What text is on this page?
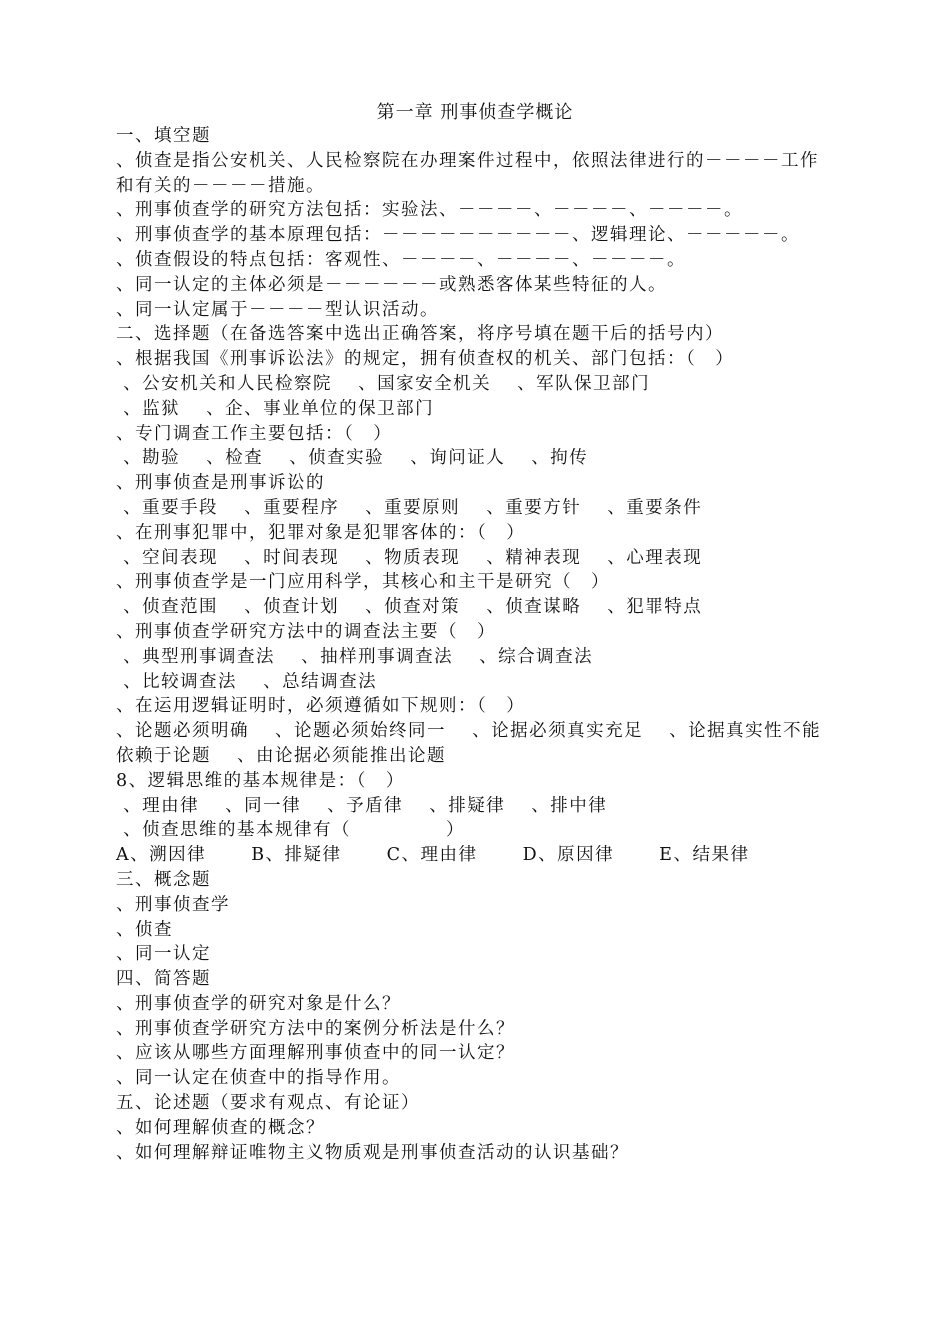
第一章 刑事侦查学概论
一、填空题
、侦查是指公安机关、人民检察院在办理案件过程中，依照法律进行的－－－－工作和有关的－－－－措施。
、刑事侦查学的研究方法包括：实验法、－－－－、－－－－、－－－－。
、刑事侦查学的基本原理包括：－－－－－－－－－－、逻辑理论、－－－－－。
、侦查假设的特点包括：客观性、－－－－、－－－－、－－－－。
、同一认定的主体必须是－－－－－－或熟悉客体某些特征的人。
、同一认定属于－－－－型认识活动。
二、选择题（在备选答案中选出正确答案，将序号填在题干后的括号内）
、根据我国《刑事诉讼法》的规定，拥有侦查权的机关、部门包括：（　）
、公安机关和人民检察院　 、国家安全机关　 、军队保卫部门
、监狱　 、企、事业单位的保卫部门
、专门调查工作主要包括：（　）
、勘验　 、检查　 、侦查实验　 、询问证人　 、拘传
、刑事侦查是刑事诉讼的
、重要手段　 、重要程序　 、重要原则　 、重要方针　 、重要条件
、在刑事犯罪中，犯罪对象是犯罪客体的：（　）
、空间表现　 、时间表现　 、物质表现　 、精神表现　 、心理表现
、刑事侦查学是一门应用科学，其核心和主干是研究（　）
、侦查范围　 、侦查计划　 、侦查对策　 、侦查谋略　 、犯罪特点
、刑事侦查学研究方法中的调查法主要（　）
、典型刑事调查法　 、抽样刑事调查法　 、综合调查法
、比较调查法　 、总结调查法
、在运用逻辑证明时，必须遵循如下规则：（　）
、论题必须明确　 、论题必须始终同一　 、论据必须真实充足　 、论据真实性不能依赖于论题　 、由论据必须能推出论题
8、逻辑思维的基本规律是：（　）
、理由律　 、同一律　 、予盾律　 、排疑律　 、排中律
、侦查思维的基本规律有（　　　　　）
A、溯因律　　 B、排疑律　　 C、理由律　　 D、原因律　　 E、结果律
三、概念题
、刑事侦查学
、侦查
、同一认定
四、简答题
、刑事侦查学的研究对象是什么？
、刑事侦查学研究方法中的案例分析法是什么？
、应该从哪些方面理解刑事侦查中的同一认定？
、同一认定在侦查中的指导作用。
五、论述题（要求有观点、有论证）
、如何理解侦查的概念？
、如何理解辩证唯物主义物质观是刑事侦查活动的认识基础？
